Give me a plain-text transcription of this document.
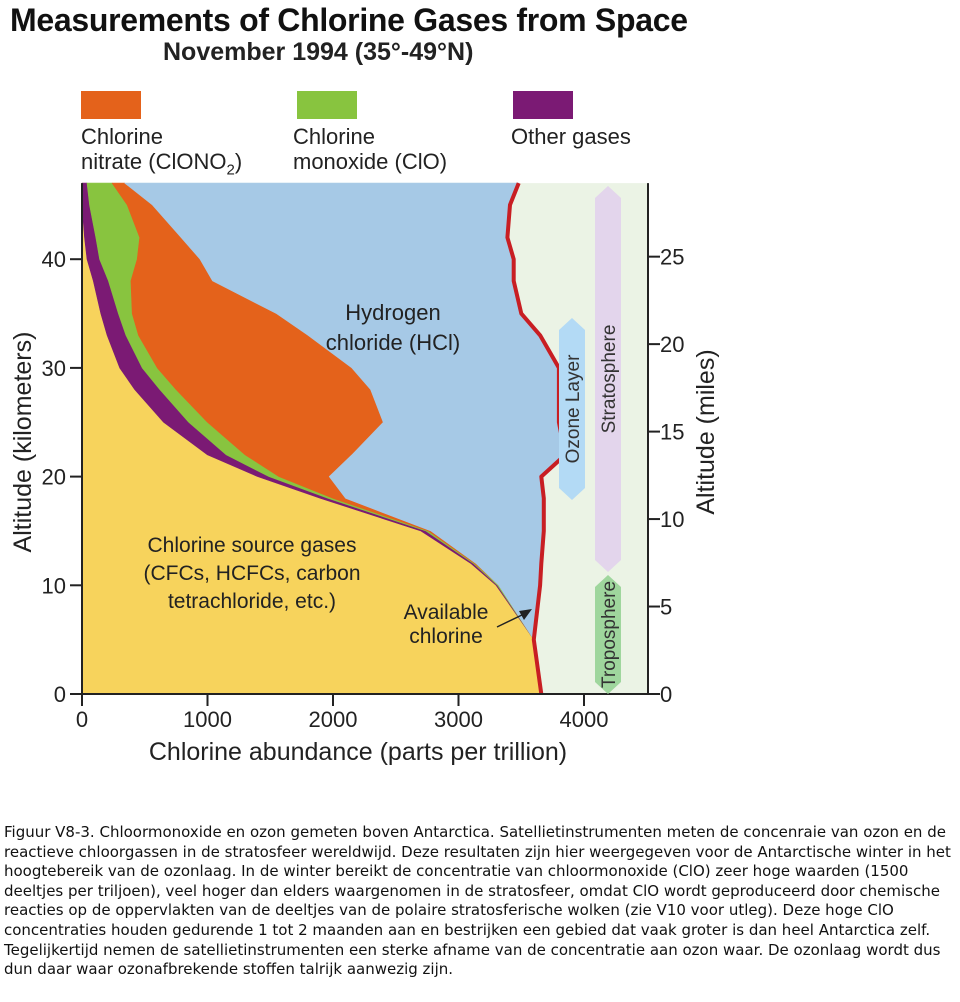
Measurements of Chlorine Gases from Space
November 1994 (35°-49°N)
Chlorine
nitrate (ClONO$_2$)
Chlorine
monoxide (ClO)
Other gases
0	1000	2000	3000	4000
0
10
20
30
40
0
5
10
15
20
25
Chlorine abundance (parts per trillion)
Altitude (kilometers)	Altitude (miles)
Hydrogen chloride (HCl)
Chlorine source gases (CFCs, HCFCs, carbon tetrachloride, etc.)	Available chlorine
Ozone Layer Stratosphere
Troposphere
Figuur V8-3. Chloormonoxide en ozon gemeten boven Antarctica. Satellietinstrumenten meten de concenraie van ozon en de reactieve chloorgassen in de stratosfeer wereldwijd. Deze resultaten zijn hier weergegeven voor de Antarctische winter in het hoogtebereik van de ozonlaag. In de winter bereikt de concentratie van chloormonoxide (ClO) zeer hoge waarden (1500 deeltjes per triljoen), veel hoger dan elders waargenomen in de stratosfeer, omdat ClO wordt geproduceerd door chemische reacties op de oppervlakten van de deeltjes van de polaire stratosferische wolken (zie V10 voor utleg). Deze hoge ClO concentraties houden gedurende 1 tot 2 maanden aan en bestrijken een gebied dat vaak groter is dan heel Antarctica zelf. Tegelijkertijd nemen de satellietinstrumenten een sterke afname van de concentratie aan ozon waar. De ozonlaag wordt dus dun daar waar ozonafbrekende stoffen talrijk aanwezig zijn.
